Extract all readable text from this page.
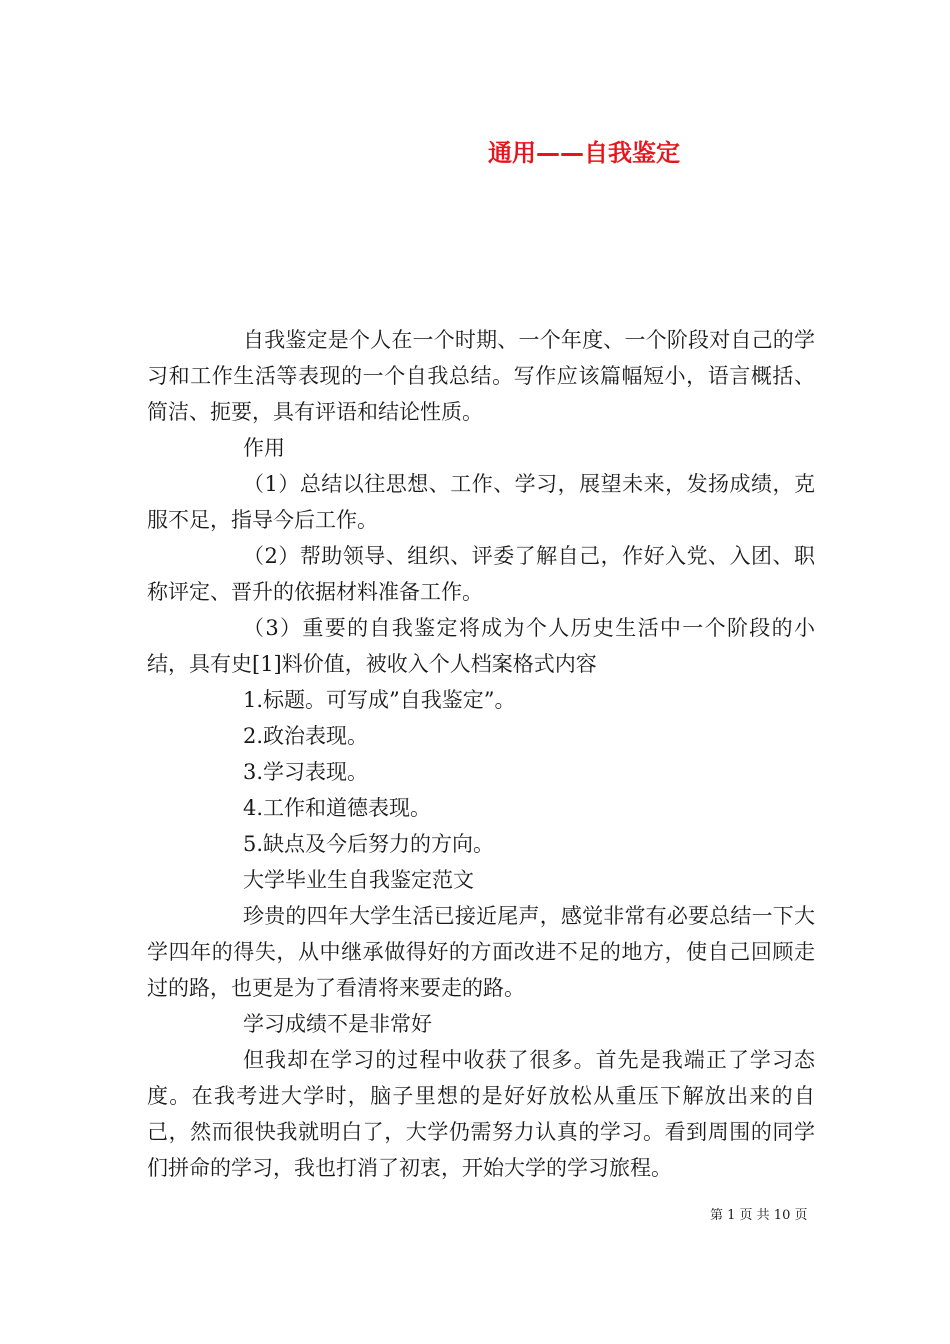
通用——自我鉴定

自我鉴定是个人在一个时期、一个年度、一个阶段对自己的学习和工作生活等表现的一个自我总结。写作应该篇幅短小，语言概括、简洁、扼要，具有评语和结论性质。

作用

（1）总结以往思想、工作、学习，展望未来，发扬成绩，克服不足，指导今后工作。

（2）帮助领导、组织、评委了解自己，作好入党、入团、职称评定、晋升的依据材料准备工作。

（3）重要的自我鉴定将成为个人历史生活中一个阶段的小结，具有史[1]料价值，被收入个人档案格式内容

1.标题。可写成”自我鉴定”。

2.政治表现。

3.学习表现。

4.工作和道德表现。

5.缺点及今后努力的方向。

大学毕业生自我鉴定范文

珍贵的四年大学生活已接近尾声，感觉非常有必要总结一下大学四年的得失，从中继承做得好的方面改进不足的地方，使自己回顾走过的路，也更是为了看清将来要走的路。

学习成绩不是非常好

但我却在学习的过程中收获了很多。首先是我端正了学习态度。在我考进大学时，脑子里想的是好好放松从重压下解放出来的自己，然而很快我就明白了，大学仍需努力认真的学习。看到周围的同学们拼命的学习，我也打消了初衷，开始大学的学习旅程。

第 1 页 共 10 页
